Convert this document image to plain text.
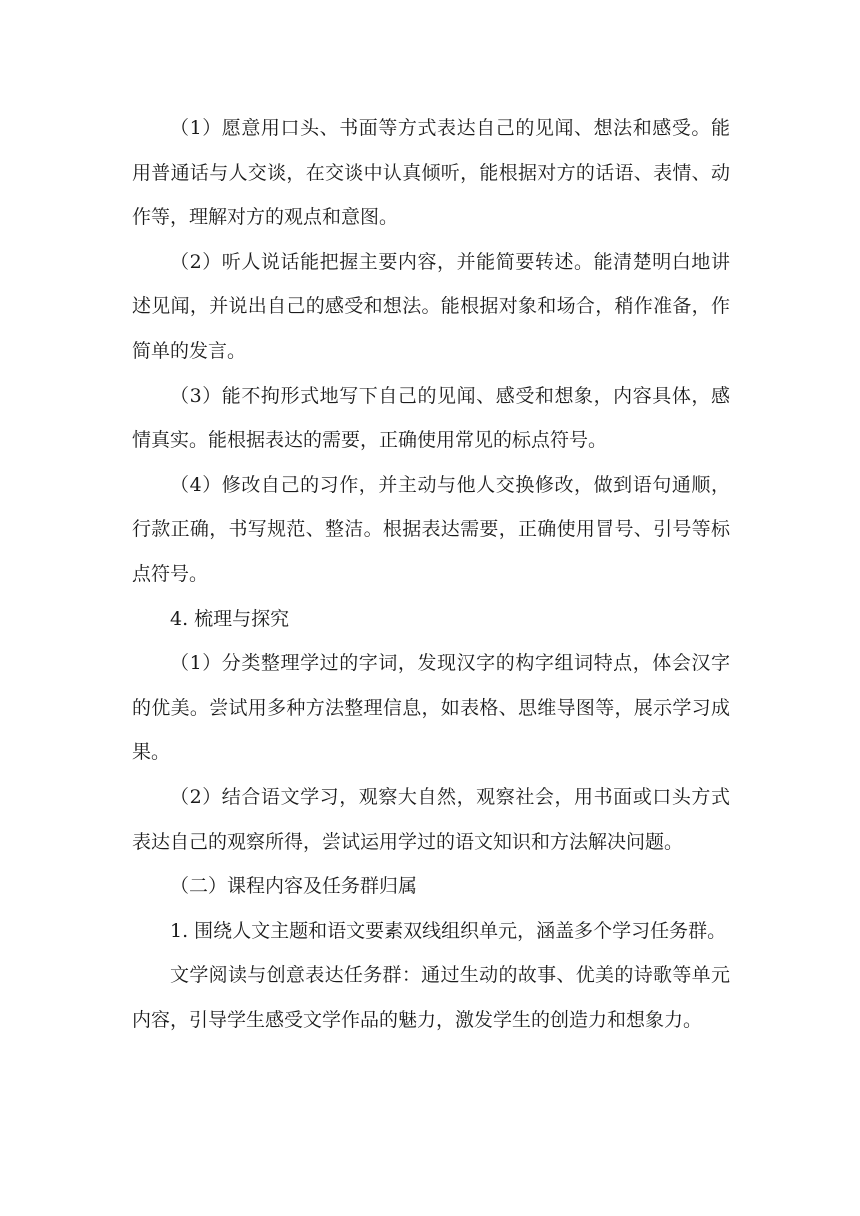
（1）愿意用口头、书面等方式表达自己的见闻、想法和感受。能用普通话与人交谈，在交谈中认真倾听，能根据对方的话语、表情、动作等，理解对方的观点和意图。

（2）听人说话能把握主要内容，并能简要转述。能清楚明白地讲述见闻，并说出自己的感受和想法。能根据对象和场合，稍作准备，作简单的发言。

（3）能不拘形式地写下自己的见闻、感受和想象，内容具体，感情真实。能根据表达的需要，正确使用常见的标点符号。

（4）修改自己的习作，并主动与他人交换修改，做到语句通顺，行款正确，书写规范、整洁。根据表达需要，正确使用冒号、引号等标点符号。

4. 梳理与探究

（1）分类整理学过的字词，发现汉字的构字组词特点，体会汉字的优美。尝试用多种方法整理信息，如表格、思维导图等，展示学习成果。

（2）结合语文学习，观察大自然，观察社会，用书面或口头方式表达自己的观察所得，尝试运用学过的语文知识和方法解决问题。

（二）课程内容及任务群归属

1. 围绕人文主题和语文要素双线组织单元，涵盖多个学习任务群。

文学阅读与创意表达任务群：通过生动的故事、优美的诗歌等单元内容，引导学生感受文学作品的魅力，激发学生的创造力和想象力。
